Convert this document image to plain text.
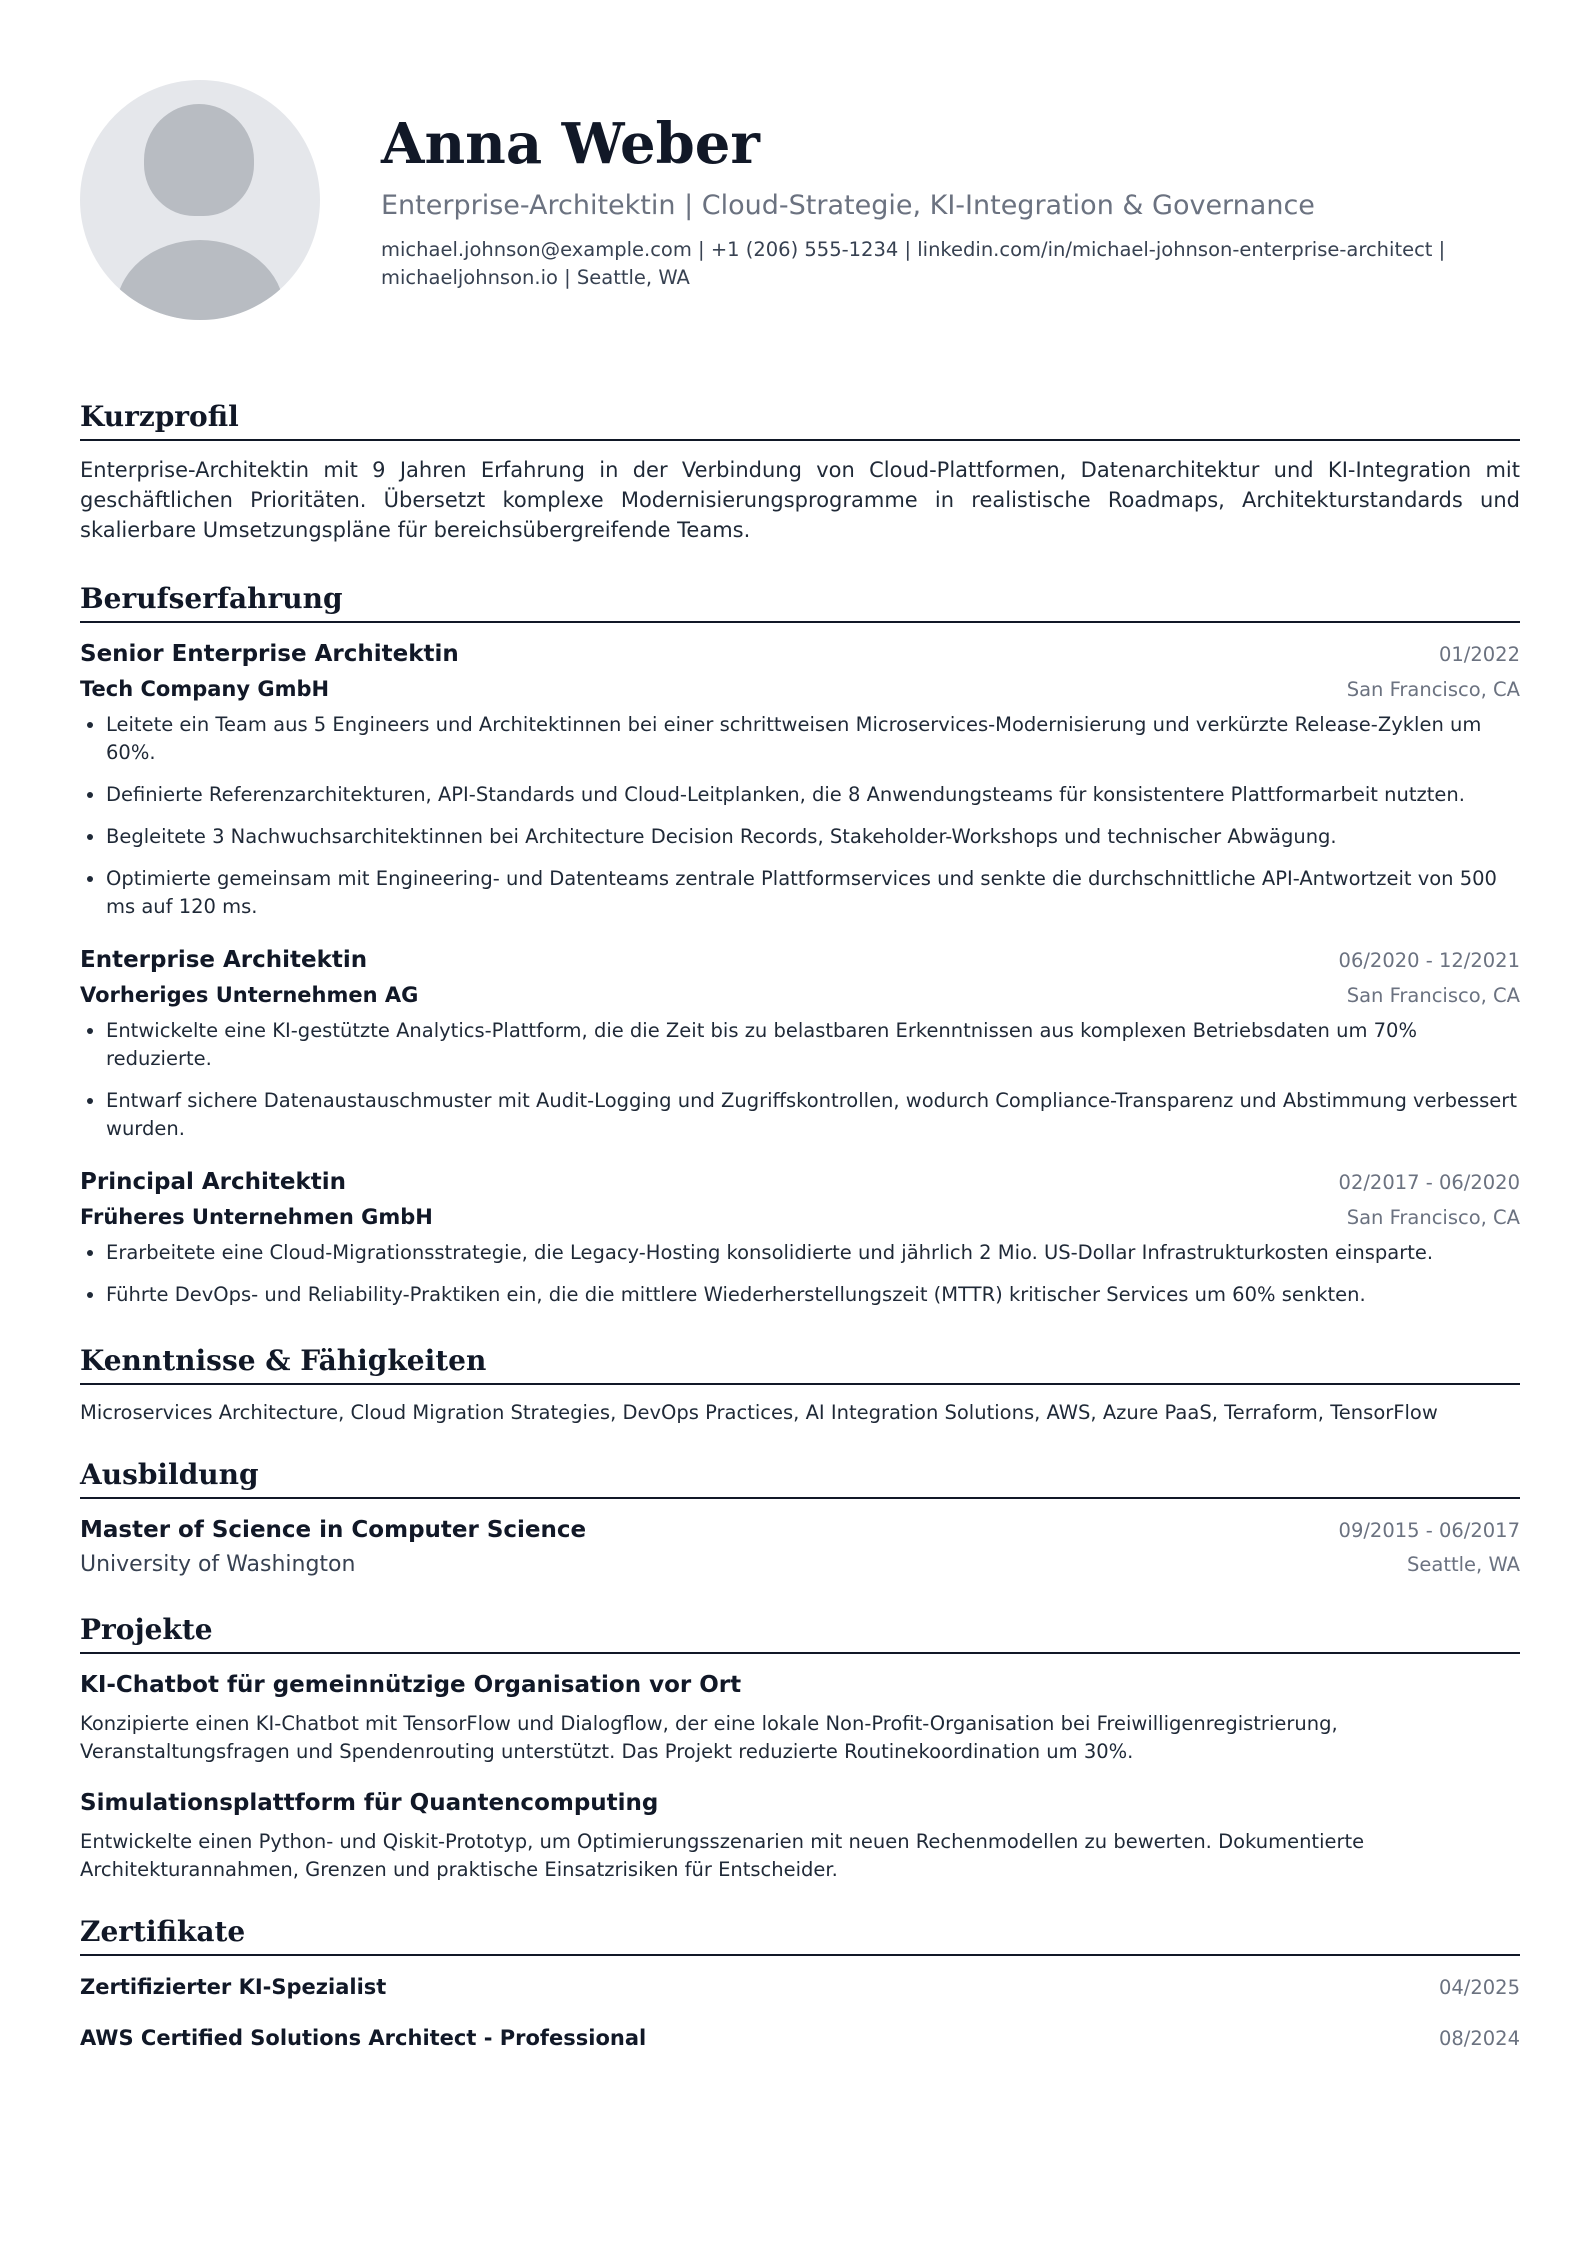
Anna Weber
Enterprise-Architektin | Cloud-Strategie, KI-Integration & Governance
michael.johnson@example.com | +1 (206) 555-1234 | linkedin.com/in/michael-johnson-enterprise-architect |
michaeljohnson.io | Seattle, WA
Kurzprofil

Enterprise-Architektin mit 9 Jahren Erfahrung in der Verbindung von Cloud-Plattformen, Datenarchitektur und KI-Integration mit geschäftlichen Prioritäten. Übersetzt komplexe Modernisierungsprogramme in realistische Roadmaps, Architekturstandards und skalierbare Umsetzungspläne für bereichsübergreifende Teams.

Berufserfahrung
Senior Enterprise Architektin	01/2022
Tech Company GmbH	San Francisco, CA
• Leitete ein Team aus 5 Engineers und Architektinnen bei einer schrittweisen Microservices-Modernisierung und verkürzte Release-Zyklen um 60%.
• Definierte Referenzarchitekturen, API-Standards und Cloud-Leitplanken, die 8 Anwendungsteams für konsistentere Plattformarbeit nutzten.
• Begleitete 3 Nachwuchsarchitektinnen bei Architecture Decision Records, Stakeholder-Workshops und technischer Abwägung.
• Optimierte gemeinsam mit Engineering- und Datenteams zentrale Plattformservices und senkte die durchschnittliche API-Antwortzeit von 500 ms auf 120 ms.
Enterprise Architektin	06/2020 - 12/2021
Vorheriges Unternehmen AG	San Francisco, CA
• Entwickelte eine KI-gestützte Analytics-Plattform, die die Zeit bis zu belastbaren Erkenntnissen aus komplexen Betriebsdaten um 70% reduzierte.
• Entwarf sichere Datenaustauschmuster mit Audit-Logging und Zugriffskontrollen, wodurch Compliance-Transparenz und Abstimmung verbessert wurden.
Principal Architektin	02/2017 - 06/2020
Früheres Unternehmen GmbH	San Francisco, CA
• Erarbeitete eine Cloud-Migrationsstrategie, die Legacy-Hosting konsolidierte und jährlich 2 Mio. US-Dollar Infrastrukturkosten einsparte.
• Führte DevOps- und Reliability-Praktiken ein, die die mittlere Wiederherstellungszeit (MTTR) kritischer Services um 60% senkten.
Kenntnisse & Fähigkeiten

Microservices Architecture, Cloud Migration Strategies, DevOps Practices, AI Integration Solutions, AWS, Azure PaaS, Terraform, TensorFlow

Ausbildung
Master of Science in Computer Science	09/2015 - 06/2017
University of Washington	Seattle, WA
Projekte
KI-Chatbot für gemeinnützige Organisation vor Ort

Konzipierte einen KI-Chatbot mit TensorFlow und Dialogflow, der eine lokale Non-Profit-Organisation bei Freiwilligenregistrierung, Veranstaltungsfragen und Spendenrouting unterstützt. Das Projekt reduzierte Routinekoordination um 30%.

Simulationsplattform für Quantencomputing

Entwickelte einen Python- und Qiskit-Prototyp, um Optimierungsszenarien mit neuen Rechenmodellen zu bewerten. Dokumentierte Architekturannahmen, Grenzen und praktische Einsatzrisiken für Entscheider.

Zertifikate
Zertifizierter KI-Spezialist	04/2025
AWS Certified Solutions Architect - Professional	08/2024
